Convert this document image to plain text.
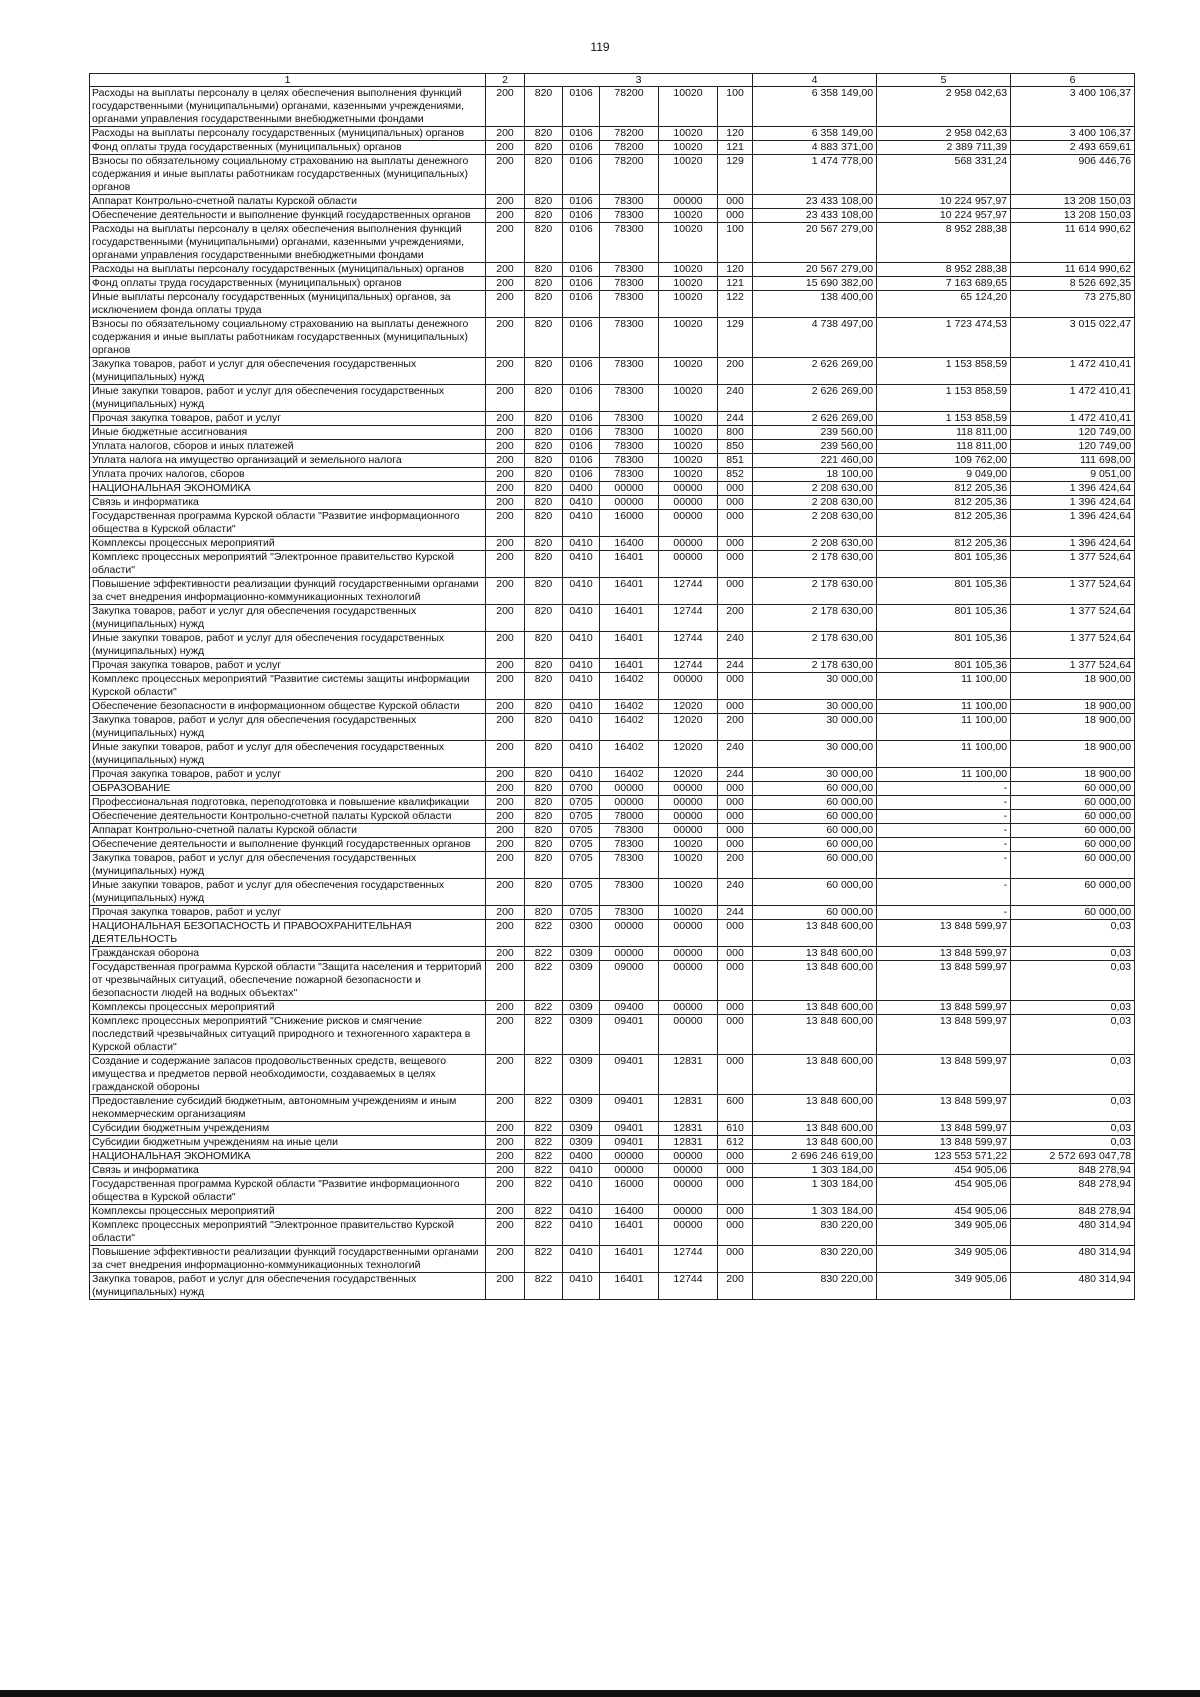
119
1	2	3					4	5	6
Расходы на выплаты персоналу в целях обеспечения выполнения функций государственными (муниципальными) органами, казенными учреждениями, органами управления государственными внебюджетными фондами	200	820	0106	78200	10020	100	6 358 149,00	2 958 042,63	3 400 106,37
Расходы на выплаты персоналу государственных (муниципальных) органов	200	820	0106	78200	10020	120	6 358 149,00	2 958 042,63	3 400 106,37
Фонд оплаты труда государственных (муниципальных) органов	200	820	0106	78200	10020	121	4 883 371,00	2 389 711,39	2 493 659,61
Взносы по обязательному социальному страхованию на выплаты денежного содержания и иные выплаты работникам государственных (муниципальных) органов	200	820	0106	78200	10020	129	1 474 778,00	568 331,24	906 446,76
Аппарат Контрольно-счетной палаты Курской области	200	820	0106	78300	00000	000	23 433 108,00	10 224 957,97	13 208 150,03
Обеспечение деятельности и выполнение функций государственных органов	200	820	0106	78300	10020	000	23 433 108,00	10 224 957,97	13 208 150,03
Расходы на выплаты персоналу в целях обеспечения выполнения функций государственными (муниципальными) органами, казенными учреждениями, органами управления государственными внебюджетными фондами	200	820	0106	78300	10020	100	20 567 279,00	8 952 288,38	11 614 990,62
Расходы на выплаты персоналу государственных (муниципальных) органов	200	820	0106	78300	10020	120	20 567 279,00	8 952 288,38	11 614 990,62
Фонд оплаты труда государственных (муниципальных) органов	200	820	0106	78300	10020	121	15 690 382,00	7 163 689,65	8 526 692,35
Иные выплаты персоналу государственных (муниципальных) органов, за исключением фонда оплаты труда	200	820	0106	78300	10020	122	138 400,00	65 124,20	73 275,80
Взносы по обязательному социальному страхованию на выплаты денежного содержания и иные выплаты работникам государственных (муниципальных) органов	200	820	0106	78300	10020	129	4 738 497,00	1 723 474,53	3 015 022,47
Закупка товаров, работ и услуг для обеспечения государственных (муниципальных) нужд	200	820	0106	78300	10020	200	2 626 269,00	1 153 858,59	1 472 410,41
Иные закупки товаров, работ и услуг для обеспечения государственных (муниципальных) нужд	200	820	0106	78300	10020	240	2 626 269,00	1 153 858,59	1 472 410,41
Прочая закупка товаров, работ и услуг	200	820	0106	78300	10020	244	2 626 269,00	1 153 858,59	1 472 410,41
Иные бюджетные ассигнования	200	820	0106	78300	10020	800	239 560,00	118 811,00	120 749,00
Уплата налогов, сборов и иных платежей	200	820	0106	78300	10020	850	239 560,00	118 811,00	120 749,00
Уплата налога на имущество организаций и земельного налога	200	820	0106	78300	10020	851	221 460,00	109 762,00	111 698,00
Уплата прочих налогов, сборов	200	820	0106	78300	10020	852	18 100,00	9 049,00	9 051,00
НАЦИОНАЛЬНАЯ ЭКОНОМИКА	200	820	0400	00000	00000	000	2 208 630,00	812 205,36	1 396 424,64
Связь и информатика	200	820	0410	00000	00000	000	2 208 630,00	812 205,36	1 396 424,64
Государственная программа Курской области "Развитие информационного общества в Курской области"	200	820	0410	16000	00000	000	2 208 630,00	812 205,36	1 396 424,64
Комплексы процессных мероприятий	200	820	0410	16400	00000	000	2 208 630,00	812 205,36	1 396 424,64
Комплекс процессных мероприятий "Электронное правительство Курской области"	200	820	0410	16401	00000	000	2 178 630,00	801 105,36	1 377 524,64
Повышение эффективности реализации функций государственными органами за счет внедрения информационно-коммуникационных технологий	200	820	0410	16401	12744	000	2 178 630,00	801 105,36	1 377 524,64
Закупка товаров, работ и услуг для обеспечения государственных (муниципальных) нужд	200	820	0410	16401	12744	200	2 178 630,00	801 105,36	1 377 524,64
Иные закупки товаров, работ и услуг для обеспечения государственных (муниципальных) нужд	200	820	0410	16401	12744	240	2 178 630,00	801 105,36	1 377 524,64
Прочая закупка товаров, работ и услуг	200	820	0410	16401	12744	244	2 178 630,00	801 105,36	1 377 524,64
Комплекс процессных мероприятий "Развитие системы защиты информации Курской области"	200	820	0410	16402	00000	000	30 000,00	11 100,00	18 900,00
Обеспечение безопасности в информационном обществе Курской области	200	820	0410	16402	12020	000	30 000,00	11 100,00	18 900,00
Закупка товаров, работ и услуг для обеспечения государственных (муниципальных) нужд	200	820	0410	16402	12020	200	30 000,00	11 100,00	18 900,00
Иные закупки товаров, работ и услуг для обеспечения государственных (муниципальных) нужд	200	820	0410	16402	12020	240	30 000,00	11 100,00	18 900,00
Прочая закупка товаров, работ и услуг	200	820	0410	16402	12020	244	30 000,00	11 100,00	18 900,00
ОБРАЗОВАНИЕ	200	820	0700	00000	00000	000	60 000,00	-	60 000,00
Профессиональная подготовка, переподготовка и повышение квалификации	200	820	0705	00000	00000	000	60 000,00	-	60 000,00
Обеспечение деятельности Контрольно-счетной палаты Курской области	200	820	0705	78000	00000	000	60 000,00	-	60 000,00
Аппарат Контрольно-счетной палаты Курской области	200	820	0705	78300	00000	000	60 000,00	-	60 000,00
Обеспечение деятельности и выполнение функций государственных органов	200	820	0705	78300	10020	000	60 000,00	-	60 000,00
Закупка товаров, работ и услуг для обеспечения государственных (муниципальных) нужд	200	820	0705	78300	10020	200	60 000,00	-	60 000,00
Иные закупки товаров, работ и услуг для обеспечения государственных (муниципальных) нужд	200	820	0705	78300	10020	240	60 000,00	-	60 000,00
Прочая закупка товаров, работ и услуг	200	820	0705	78300	10020	244	60 000,00	-	60 000,00
НАЦИОНАЛЬНАЯ БЕЗОПАСНОСТЬ И ПРАВООХРАНИТЕЛЬНАЯ ДЕЯТЕЛЬНОСТЬ	200	822	0300	00000	00000	000	13 848 600,00	13 848 599,97	0,03
Гражданская оборона	200	822	0309	00000	00000	000	13 848 600,00	13 848 599,97	0,03
Государственная программа Курской области "Защита населения и территорий от чрезвычайных ситуаций, обеспечение пожарной безопасности и безопасности людей на водных объектах"	200	822	0309	09000	00000	000	13 848 600,00	13 848 599,97	0,03
Комплексы процессных мероприятий	200	822	0309	09400	00000	000	13 848 600,00	13 848 599,97	0,03
Комплекс процессных мероприятий "Снижение рисков и смягчение последствий чрезвычайных ситуаций природного и техногенного характера в Курской области"	200	822	0309	09401	00000	000	13 848 600,00	13 848 599,97	0,03
Создание и содержание запасов продовольственных средств, вещевого имущества и предметов первой необходимости, создаваемых в целях гражданской обороны	200	822	0309	09401	12831	000	13 848 600,00	13 848 599,97	0,03
Предоставление субсидий бюджетным, автономным учреждениям и иным некоммерческим организациям	200	822	0309	09401	12831	600	13 848 600,00	13 848 599,97	0,03
Субсидии бюджетным учреждениям	200	822	0309	09401	12831	610	13 848 600,00	13 848 599,97	0,03
Субсидии бюджетным учреждениям на иные цели	200	822	0309	09401	12831	612	13 848 600,00	13 848 599,97	0,03
НАЦИОНАЛЬНАЯ ЭКОНОМИКА	200	822	0400	00000	00000	000	2 696 246 619,00	123 553 571,22	2 572 693 047,78
Связь и информатика	200	822	0410	00000	00000	000	1 303 184,00	454 905,06	848 278,94
Государственная программа Курской области "Развитие информационного общества в Курской области"	200	822	0410	16000	00000	000	1 303 184,00	454 905,06	848 278,94
Комплексы процессных мероприятий	200	822	0410	16400	00000	000	1 303 184,00	454 905,06	848 278,94
Комплекс процессных мероприятий "Электронное правительство Курской области"	200	822	0410	16401	00000	000	830 220,00	349 905,06	480 314,94
Повышение эффективности реализации функций государственными органами за счет внедрения информационно-коммуникационных технологий	200	822	0410	16401	12744	000	830 220,00	349 905,06	480 314,94
Закупка товаров, работ и услуг для обеспечения государственных (муниципальных) нужд	200	822	0410	16401	12744	200	830 220,00	349 905,06	480 314,94
